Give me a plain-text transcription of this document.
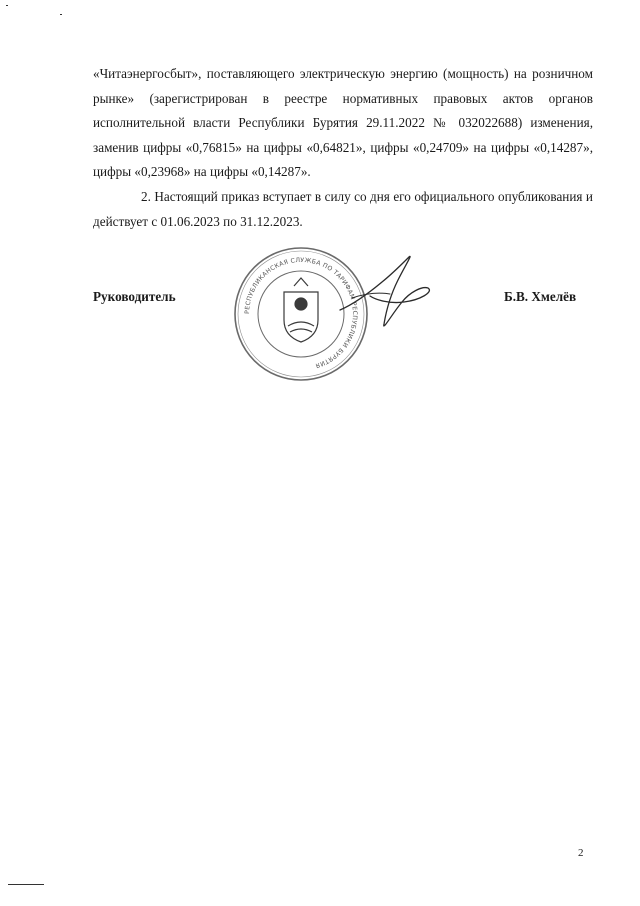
«Читаэнергосбыт», поставляющего электрическую энергию (мощность) на розничном рынке» (зарегистрирован в реестре нормативных правовых актов органов исполнительной власти Республики Бурятия 29.11.2022 № 032022688) изменения, заменив цифры «0,76815» на цифры «0,64821», цифры «0,24709» на цифры «0,14287», цифры «0,23968» на цифры «0,14287».

2. Настоящий приказ вступает в силу со дня его официального опубликования и действует с 01.06.2023 по 31.12.2023.

Руководитель	Б.В. Хмелёв
РЕСПУБЛИКАНСКАЯ СЛУЖБА ПО ТАРИФАМ РЕСПУБЛИКИ БУРЯТИЯ
2
